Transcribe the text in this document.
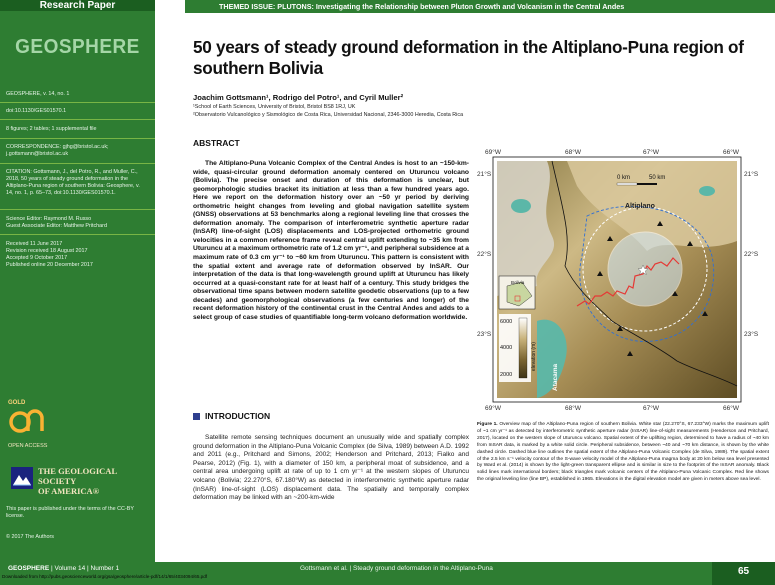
Research Paper
GEOSPHERE
GEOSPHERE, v. 14, no. 1
doi:10.1130/GES01570.1
8 figures; 2 tables; 1 supplemental file
CORRESPONDENCE: gjhg@bristol.ac.uk;
j.gottsmann@bristol.ac.uk
CITATION: Gottsmann, J., del Potro, R., and Muller, C., 2018, 50 years of steady ground deformation in the Altiplano-Puna region of southern Bolivia: Geosphere, v. 14, no. 1, p. 65–73, doi:10.1130/GES01570.1.
Science Editor: Raymond M. Russo
Guest Associate Editor: Matthew Pritchard
Received 11 June 2017
Revision received 18 August 2017
Accepted 9 October 2017
Published online 20 December 2017
GOLD
OPEN ACCESS
THE GEOLOGICAL SOCIETY
OF AMERICA®
This paper is published under the terms of the CC-BY license.
© 2017 The Authors
THEMED ISSUE: PLUTONS: Investigating the Relationship between Pluton Growth and Volcanism in the Central Andes
50 years of steady ground deformation in the Altiplano-Puna region of southern Bolivia
Joachim Gottsmann¹, Rodrigo del Potro¹, and Cyril Muller²
¹School of Earth Sciences, University of Bristol, Bristol BS8 1RJ, UK
²Observatorio Vulcanológico y Sismológico de Costa Rica, Universidad Nacional, 2346-3000 Heredia, Costa Rica
ABSTRACT

The Altiplano-Puna Volcanic Complex of the Central Andes is host to an ~150-km-wide, quasi-circular ground deformation anomaly centered on Uturuncu volcano (Bolivia). The precise onset and duration of this deformation is unclear, but geomorphologic studies bracket its initiation at less than a few hundred years ago. Here we report on the deformation history over an ~50 yr period by deriving orthometric height changes from leveling and global navigation satellite system (GNSS) observations at 53 benchmarks along a regional leveling line that crosses the deformation anomaly. The comparison of interferometric synthetic aperture radar (InSAR) line-of-sight (LOS) displacements and LOS-projected orthometric ground velocities in a common reference frame reveal central uplift extending to ~35 km from Uturuncu at a maximum orthometric rate of 1.2 cm yr⁻¹, and peripheral subsidence at a maximum rate of 0.3 cm yr⁻¹ to ~60 km from Uturuncu. This pattern is consistent with the spatial extent and average rate of deformation observed by InSAR. Our interpretation of the data is that long-wavelength ground uplift at Uturuncu has likely occurred at a quasi-constant rate for at least half of a century. This study bridges the observational time spans between modern satellite geodetic observations (up to a few decades) and geomorphological observations (a few centuries and longer) of the recent deformation history of the continental crust in the Central Andes and adds to a select group of case studies of quantifiable long-term volcano deformation worldwide.

INTRODUCTION

Satellite remote sensing techniques document an unusually wide and spatially complex ground deformation in the Altiplano-Puna Volcanic Complex (de Silva, 1989) between A.D. 1992 and 2011 (e.g., Pritchard and Simons, 2002; Henderson and Pritchard, 2013; Fialko and Pearse, 2012) (Fig. 1), with a diameter of 150 km, a peripheral moat of subsidence, and a central area undergoing uplift at rate of up to 1 cm yr⁻¹ at the western slopes of Uturuncu volcano (Bolivia; 22.270°S, 67.180°W) as detected in interferometric synthetic aperture radar (InSAR) line-of-sight (LOS) displacement data. The spatially and temporally complex deformation may be linked with an ~200-km-wide

0 km	50 km
Altiplano
Atacama
Bolivia
6000
4000
2000
elevation (m)
69°W	68°W	67°W	66°W
69°W	68°W	67°W	66°W
21°S
22°S
23°S
21°S
22°S
23°S

Figure 1. Overview map of the Altiplano-Puna region of southern Bolivia. White star (22.270°S, 67.233°W) marks the maximum uplift of ~1 cm yr⁻¹ as detected by interferometric synthetic aperture radar (InSAR) line-of-sight measurements (Henderson and Pritchard, 2017), located on the western slope of Uturuncu volcano. Spatial extent of the uplifting region, determined to have a radius of ~40 km from InSAR data, is marked by a white solid circle. Peripheral subsidence, between ~40 and ~70 km distance, is shown by the white dashed circle. Dashed blue line outlines the spatial extent of the Altiplano-Puna Volcanic Complex (de Silva, 1989). The spatial extent of the 2.5 km s⁻¹ velocity contour of the S-wave velocity model of the Altiplano-Puna magma body at 20 km below sea level presented by Ward et al. (2014) is shown by the light-green transparent ellipse and is similar in size to the footprint of the InSAR anomaly. Black solid lines mark international borders; black triangles mark volcanic centers of the Altiplano-Puna Volcanic Complex. Red line shows the original leveling line (line BP), established in 1965. Elevations in the digital elevation model are given in meters above sea level.

GEOSPHERE | Volume 14 | Number 1	Gottsmann et al. | Steady ground deformation in the Altiplano-Puna	65
Downloaded from http://pubs.geoscienceworld.org/gsa/geosphere/article-pdf/14/1/65/4034094/65.pdf
